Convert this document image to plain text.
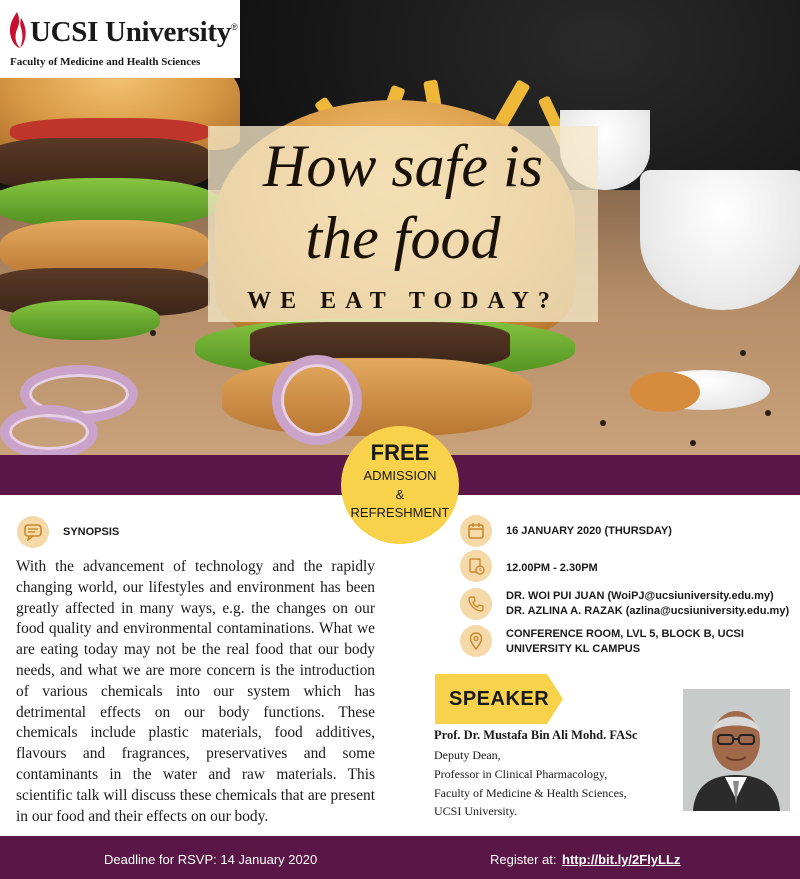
UCSI University ®
Faculty of Medicine and Health Sciences
How safe is
the food
WE EAT TODAY?
FREE
ADMISSION
&
REFRESHMENT
SYNOPSIS
With the advancement of technology and the rapidly changing world, our lifestyles and environment has been greatly affected in many ways, e.g. the changes on our food quality and environmental contaminations. What we are eating today may not be the real food that our body needs, and what we are more concern is the introduction of various chemicals into our system which has detrimental effects on our body functions. These chemicals include plastic materials, food additives, flavours and fragrances, preservatives and some contaminants in the water and raw materials. This scientific talk will discuss these chemicals that are present in our food and their effects on our body.
16 JANUARY 2020 (THURSDAY)
12.00PM - 2.30PM
DR. WOI PUI JUAN (WoiPJ@ucsiuniversity.edu.my)
DR. AZLINA A. RAZAK (azlina@ucsiuniversity.edu.my)
CONFERENCE ROOM, LVL 5, BLOCK B, UCSI
UNIVERSITY KL CAMPUS
SPEAKER
Prof. Dr. Mustafa Bin Ali Mohd. FASc
Deputy Dean,
Professor in Clinical Pharmacology,
Faculty of Medicine & Health Sciences,
UCSI University.
Deadline for RSVP: 14 January 2020	Register at: http://bit.ly/2FlyLLz
